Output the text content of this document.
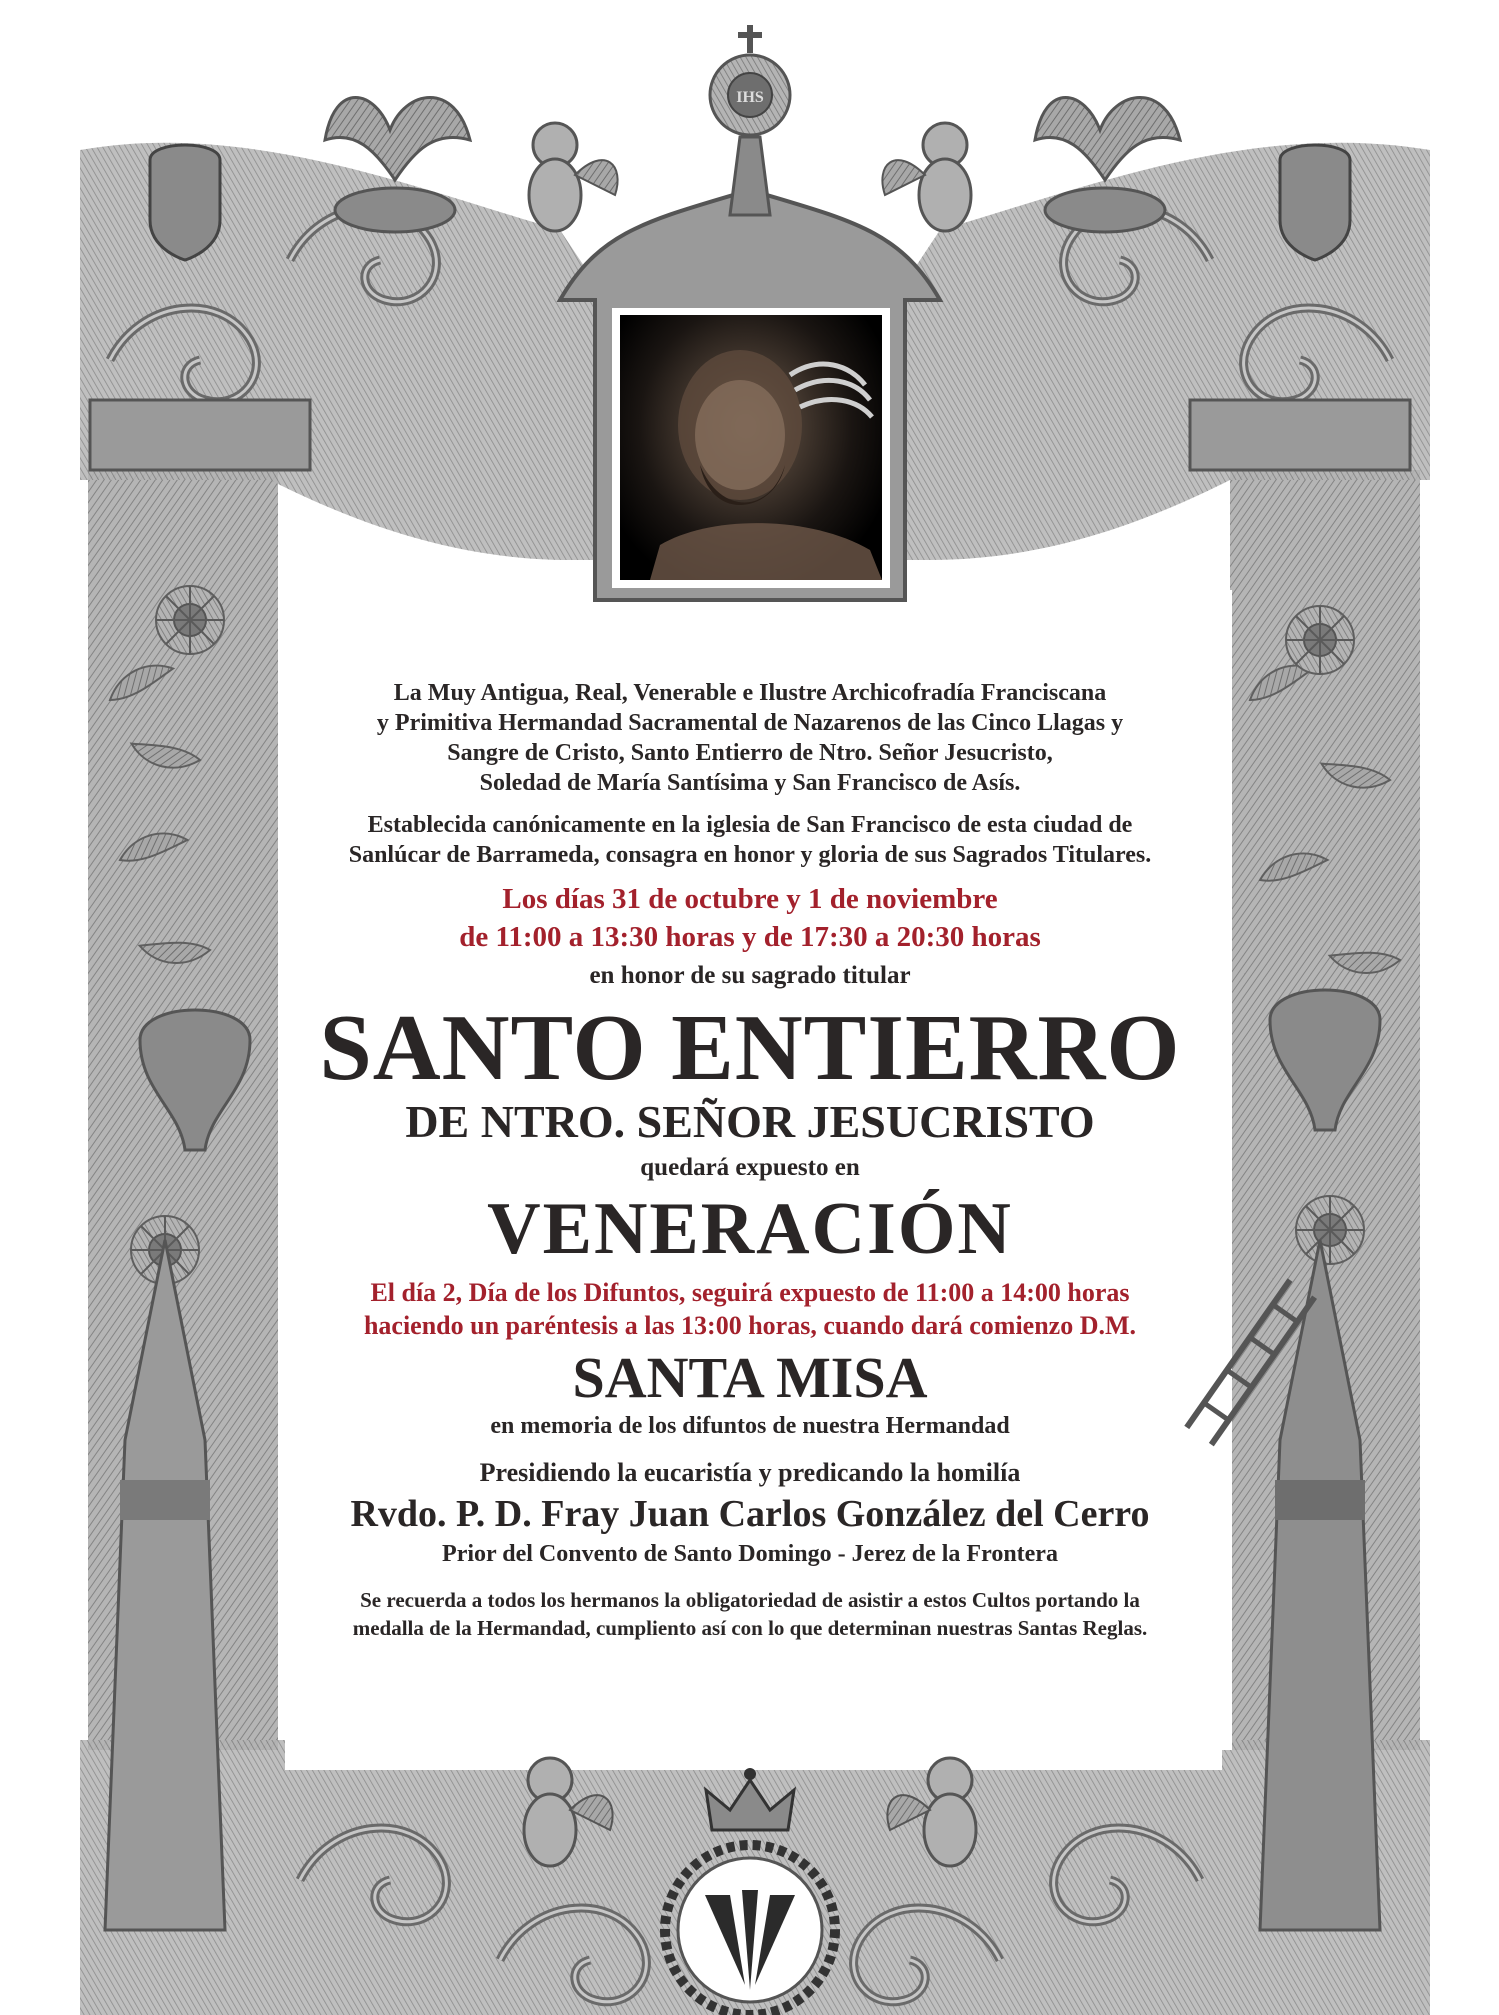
IHS

La Muy Antigua, Real, Venerable e Ilustre Archicofradía Franciscana

y Primitiva Hermandad Sacramental de Nazarenos de las Cinco Llagas y

Sangre de Cristo, Santo Entierro de Ntro. Señor Jesucristo,

Soledad de María Santísima y San Francisco de Asís.

Establecida canónicamente en la iglesia de San Francisco de esta ciudad de

Sanlúcar de Barrameda, consagra en honor y gloria de sus Sagrados Titulares.

Los días 31 de octubre y 1 de noviembre

de 11:00 a 13:30 horas y de 17:30 a 20:30 horas

en honor de su sagrado titular

SANTO ENTIERRO

DE NTRO. SEÑOR JESUCRISTO

quedará expuesto en

VENERACIÓN

El día 2, Día de los Difuntos, seguirá expuesto de 11:00 a 14:00 horas

haciendo un paréntesis a las 13:00 horas, cuando dará comienzo D.M.

SANTA MISA

en memoria de los difuntos de nuestra Hermandad

Presidiendo la eucaristía y predicando la homilía

Rvdo. P. D. Fray Juan Carlos González del Cerro

Prior del Convento de Santo Domingo - Jerez de la Frontera

Se recuerda a todos los hermanos la obligatoriedad de asistir a estos Cultos portando la

medalla de la Hermandad, cumpliento así con lo que determinan nuestras Santas Reglas.
